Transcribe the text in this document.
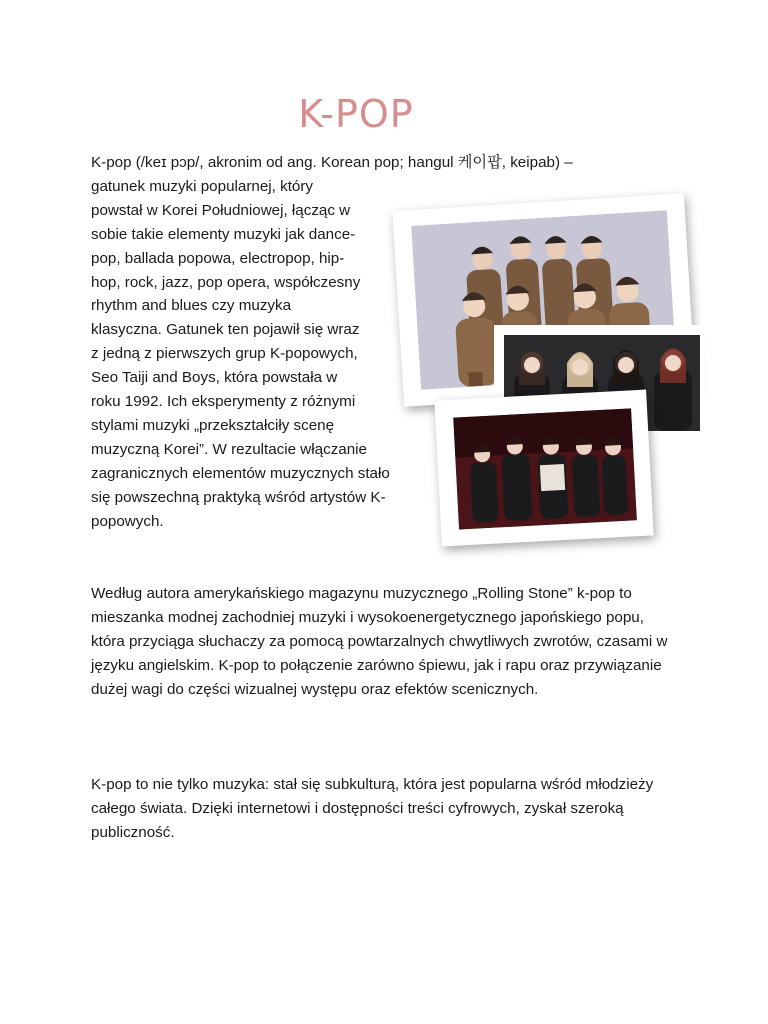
K-POP

K-pop (/keɪ pɔp/, akronim od ang. Korean pop; hangul 케이팝, keipab) –
gatunek muzyki popularnej, który
powstał w Korei Południowej, łącząc w
sobie takie elementy muzyki jak dance-
pop, ballada popowa, electropop, hip-
hop, rock, jazz, pop opera, współczesny
rhythm and blues czy muzyka
klasyczna. Gatunek ten pojawił się wraz
z jedną z pierwszych grup K-popowych,
Seo Taiji and Boys, która powstała w
roku 1992. Ich eksperymenty z różnymi
stylami muzyki „przekształciły scenę
muzyczną Korei”. W rezultacie włączanie
zagranicznych elementów muzycznych stało
się powszechną praktyką wśród artystów K-
popowych.

Według autora amerykańskiego magazynu muzycznego „Rolling Stone” k-pop to mieszanka modnej zachodniej muzyki i wysokoenergetycznego japońskiego popu, która przyciąga słuchaczy za pomocą powtarzalnych chwytliwych zwrotów, czasami w języku angielskim. K-pop to połączenie zarówno śpiewu, jak i rapu oraz przywiązanie dużej wagi do części wizualnej występu oraz efektów scenicznych.

K-pop to nie tylko muzyka: stał się subkulturą, która jest popularna wśród młodzieży całego świata. Dzięki internetowi i dostępności treści cyfrowych, zyskał szeroką publiczność.
